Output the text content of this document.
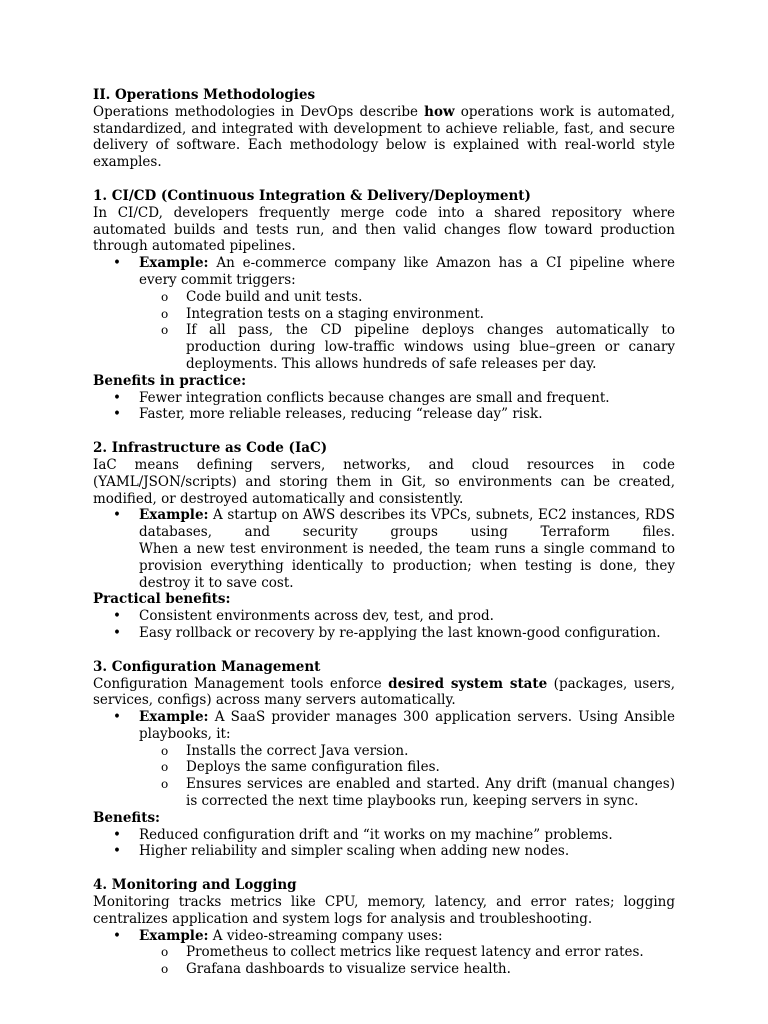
II. Operations Methodologies

Operations methodologies in DevOps describe how operations work is automated, standardized, and integrated with development to achieve reliable, fast, and secure delivery of software. Each methodology below is explained with real-world style examples.

1. CI/CD (Continuous Integration & Delivery/Deployment)

In CI/CD, developers frequently merge code into a shared repository where automated builds and tests run, and then valid changes flow toward production through automated pipelines.

• Example: An e-commerce company like Amazon has a CI pipeline where every commit triggers:
o Code build and unit tests.
o Integration tests on a staging environment.
o If all pass, the CD pipeline deploys changes automatically to production during low-traffic windows using blue–green or canary deployments. This allows hundreds of safe releases per day.
Benefits in practice:
• Fewer integration conflicts because changes are small and frequent.
• Faster, more reliable releases, reducing “release day” risk.
2. Infrastructure as Code (IaC)

IaC means defining servers, networks, and cloud resources in code (YAML/JSON/scripts) and storing them in Git, so environments can be created, modified, or destroyed automatically and consistently.

• Example: A startup on AWS describes its VPCs, subnets, EC2 instances, RDS databases, and security groups using Terraform files.
When a new test environment is needed, the team runs a single command to provision everything identically to production; when testing is done, they destroy it to save cost.
Practical benefits:
• Consistent environments across dev, test, and prod.
• Easy rollback or recovery by re-applying the last known-good configuration.
3. Configuration Management

Configuration Management tools enforce desired system state (packages, users, services, configs) across many servers automatically.

• Example: A SaaS provider manages 300 application servers. Using Ansible playbooks, it:
o Installs the correct Java version.
o Deploys the same configuration files.
o Ensures services are enabled and started. Any drift (manual changes) is corrected the next time playbooks run, keeping servers in sync.
Benefits:
• Reduced configuration drift and “it works on my machine” problems.
• Higher reliability and simpler scaling when adding new nodes.
4. Monitoring and Logging

Monitoring tracks metrics like CPU, memory, latency, and error rates; logging centralizes application and system logs for analysis and troubleshooting.

• Example: A video-streaming company uses:
o Prometheus to collect metrics like request latency and error rates.
o Grafana dashboards to visualize service health.
